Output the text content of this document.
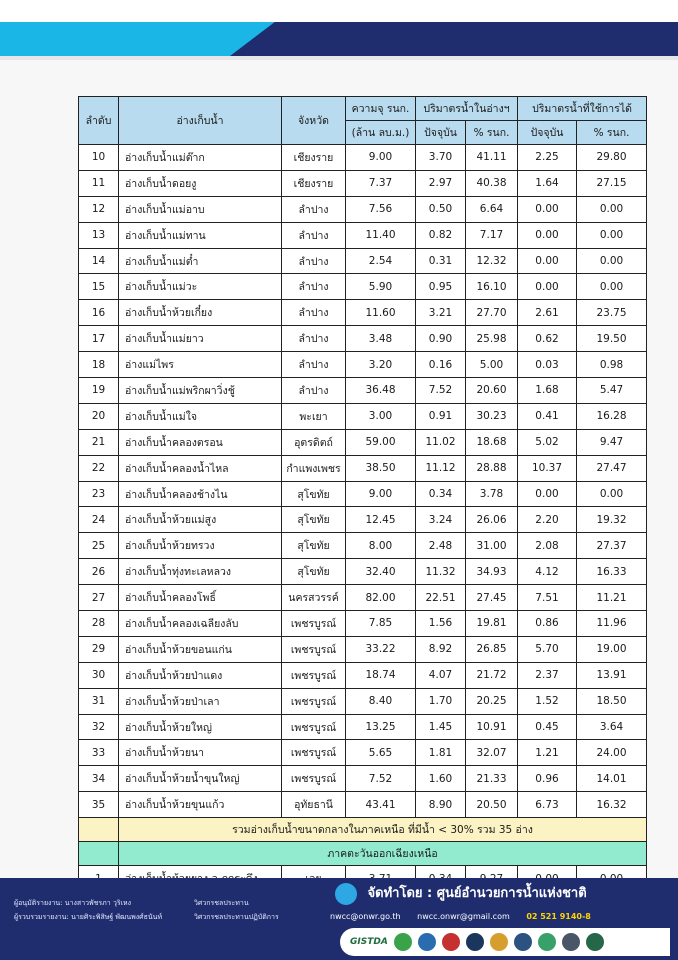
ลำดับ	อ่างเก็บน้ำ	จังหวัด	ความจุ รนก.	ปริมาตรน้ำในอ่างฯ		ปริมาตรน้ำที่ใช้การได้	
			(ล้าน ลบ.ม.)	ปัจจุบัน	% รนก.	ปัจจุบัน	% รนก.
10	อ่างเก็บน้ำแม่ต๊าก	เชียงราย	9.00	3.70	41.11	2.25	29.80
11	อ่างเก็บน้ำดอยงู	เชียงราย	7.37	2.97	40.38	1.64	27.15
12	อ่างเก็บน้ำแม่อาบ	ลำปาง	7.56	0.50	6.64	0.00	0.00
13	อ่างเก็บน้ำแม่ทาน	ลำปาง	11.40	0.82	7.17	0.00	0.00
14	อ่างเก็บน้ำแม่ต๋ำ	ลำปาง	2.54	0.31	12.32	0.00	0.00
15	อ่างเก็บน้ำแม่วะ	ลำปาง	5.90	0.95	16.10	0.00	0.00
16	อ่างเก็บน้ำห้วยเกี๋ยง	ลำปาง	11.60	3.21	27.70	2.61	23.75
17	อ่างเก็บน้ำแม่ยาว	ลำปาง	3.48	0.90	25.98	0.62	19.50
18	อ่างแม่ไพร	ลำปาง	3.20	0.16	5.00	0.03	0.98
19	อ่างเก็บน้ำแม่พริกผาวิ่งชู้	ลำปาง	36.48	7.52	20.60	1.68	5.47
20	อ่างเก็บน้ำแม่ใจ	พะเยา	3.00	0.91	30.23	0.41	16.28
21	อ่างเก็บน้ำคลองตรอน	อุตรดิตถ์	59.00	11.02	18.68	5.02	9.47
22	อ่างเก็บน้ำคลองน้ำไหล	กำแพงเพชร	38.50	11.12	28.88	10.37	27.47
23	อ่างเก็บน้ำคลองช้างไน	สุโขทัย	9.00	0.34	3.78	0.00	0.00
24	อ่างเก็บน้ำห้วยแม่สูง	สุโขทัย	12.45	3.24	26.06	2.20	19.32
25	อ่างเก็บน้ำห้วยทรวง	สุโขทัย	8.00	2.48	31.00	2.08	27.37
26	อ่างเก็บน้ำทุ่งทะเลหลวง	สุโขทัย	32.40	11.32	34.93	4.12	16.33
27	อ่างเก็บน้ำคลองโพธิ์	นครสวรรค์	82.00	22.51	27.45	7.51	11.21
28	อ่างเก็บน้ำคลองเฉลียงลับ	เพชรบูรณ์	7.85	1.56	19.81	0.86	11.96
29	อ่างเก็บน้ำห้วยขอนแก่น	เพชรบูรณ์	33.22	8.92	26.85	5.70	19.00
30	อ่างเก็บน้ำห้วยป่าแดง	เพชรบูรณ์	18.74	4.07	21.72	2.37	13.91
31	อ่างเก็บน้ำห้วยป่าเลา	เพชรบูรณ์	8.40	1.70	20.25	1.52	18.50
32	อ่างเก็บน้ำห้วยใหญ่	เพชรบูรณ์	13.25	1.45	10.91	0.45	3.64
33	อ่างเก็บน้ำห้วยนา	เพชรบูรณ์	5.65	1.81	32.07	1.21	24.00
34	อ่างเก็บน้ำห้วยน้ำขุนใหญ่	เพชรบูรณ์	7.52	1.60	21.33	0.96	14.01
35	อ่างเก็บน้ำห้วยขุนแก้ว	อุทัยธานี	43.41	8.90	20.50	6.73	16.32
	รวมอ่างเก็บน้ำขนาดกลางในภาคเหนือ ที่มีน้ำ < 30% รวม 35 อ่าง						
	ภาคตะวันออกเฉียงเหนือ						

ผู้อนุมัติรายงาน: นางสาวพัชรภา วุริเหง
ผู้รวบรวมรายงาน: นายศิระพิสิษฐ์ พัฒนพงศ์ธนันท์
วิศวกรชลประทาน
วิศวกรชลประทานปฏิบัติการ
จัดทำโดย : ศูนย์อำนวยการน้ำแห่งชาติ
nwcc@onwr.go.th nwcc.onwr@gmail.com 02 521 9140-8
GISTDA
